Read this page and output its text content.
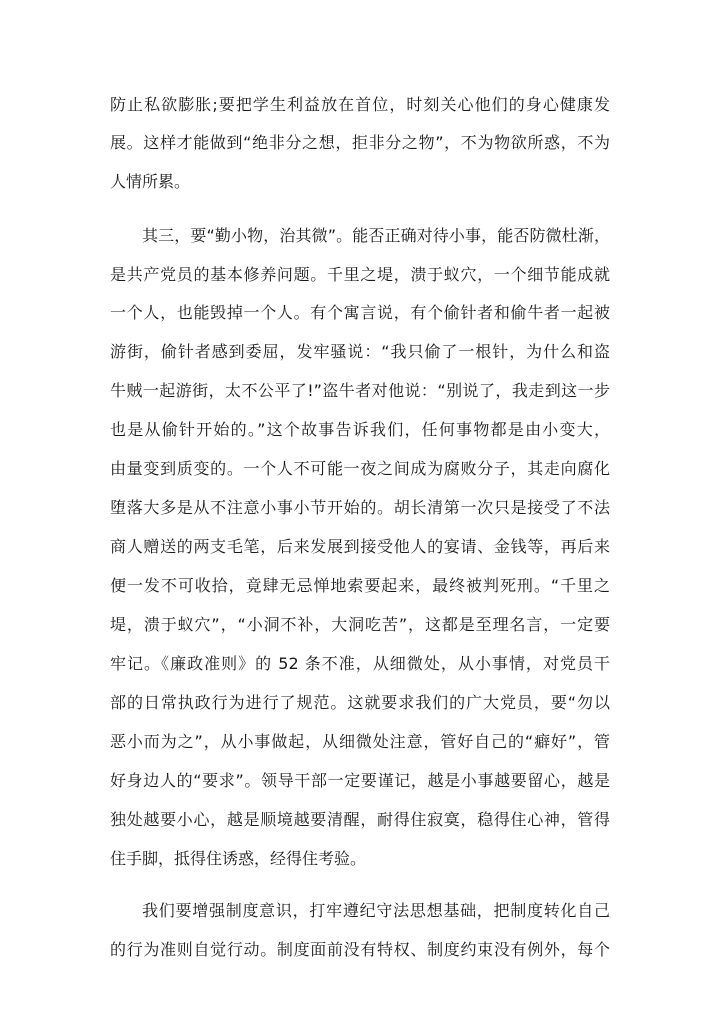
防止私欲膨胀;要把学生利益放在首位，时刻关心他们的身心健康发
展。这样才能做到“绝非分之想，拒非分之物”，不为物欲所惑，不为
人情所累。
其三，要“勤小物，治其微”。能否正确对待小事，能否防微杜渐，
是共产党员的基本修养问题。千里之堤，溃于蚁穴，一个细节能成就
一个人，也能毁掉一个人。有个寓言说，有个偷针者和偷牛者一起被
游街，偷针者感到委屈，发牢骚说：“我只偷了一根针，为什么和盗
牛贼一起游街，太不公平了!”盗牛者对他说：“别说了，我走到这一步
也是从偷针开始的。”这个故事告诉我们，任何事物都是由小变大，
由量变到质变的。一个人不可能一夜之间成为腐败分子，其走向腐化
堕落大多是从不注意小事小节开始的。胡长清第一次只是接受了不法
商人赠送的两支毛笔，后来发展到接受他人的宴请、金钱等，再后来
便一发不可收拾，竟肆无忌惮地索要起来，最终被判死刑。“千里之
堤，溃于蚁穴”，“小洞不补，大洞吃苦”，这都是至理名言，一定要
牢记。《廉政准则》的 52 条不准，从细微处，从小事情，对党员干
部的日常执政行为进行了规范。这就要求我们的广大党员，要“勿以
恶小而为之”，从小事做起，从细微处注意，管好自己的“癖好”，管
好身边人的“要求”。领导干部一定要谨记，越是小事越要留心，越是
独处越要小心，越是顺境越要清醒，耐得住寂寞，稳得住心神，管得
住手脚，抵得住诱惑，经得住考验。
我们要增强制度意识，打牢遵纪守法思想基础，把制度转化自己
的行为准则自觉行动。制度面前没有特权、制度约束没有例外，每个
